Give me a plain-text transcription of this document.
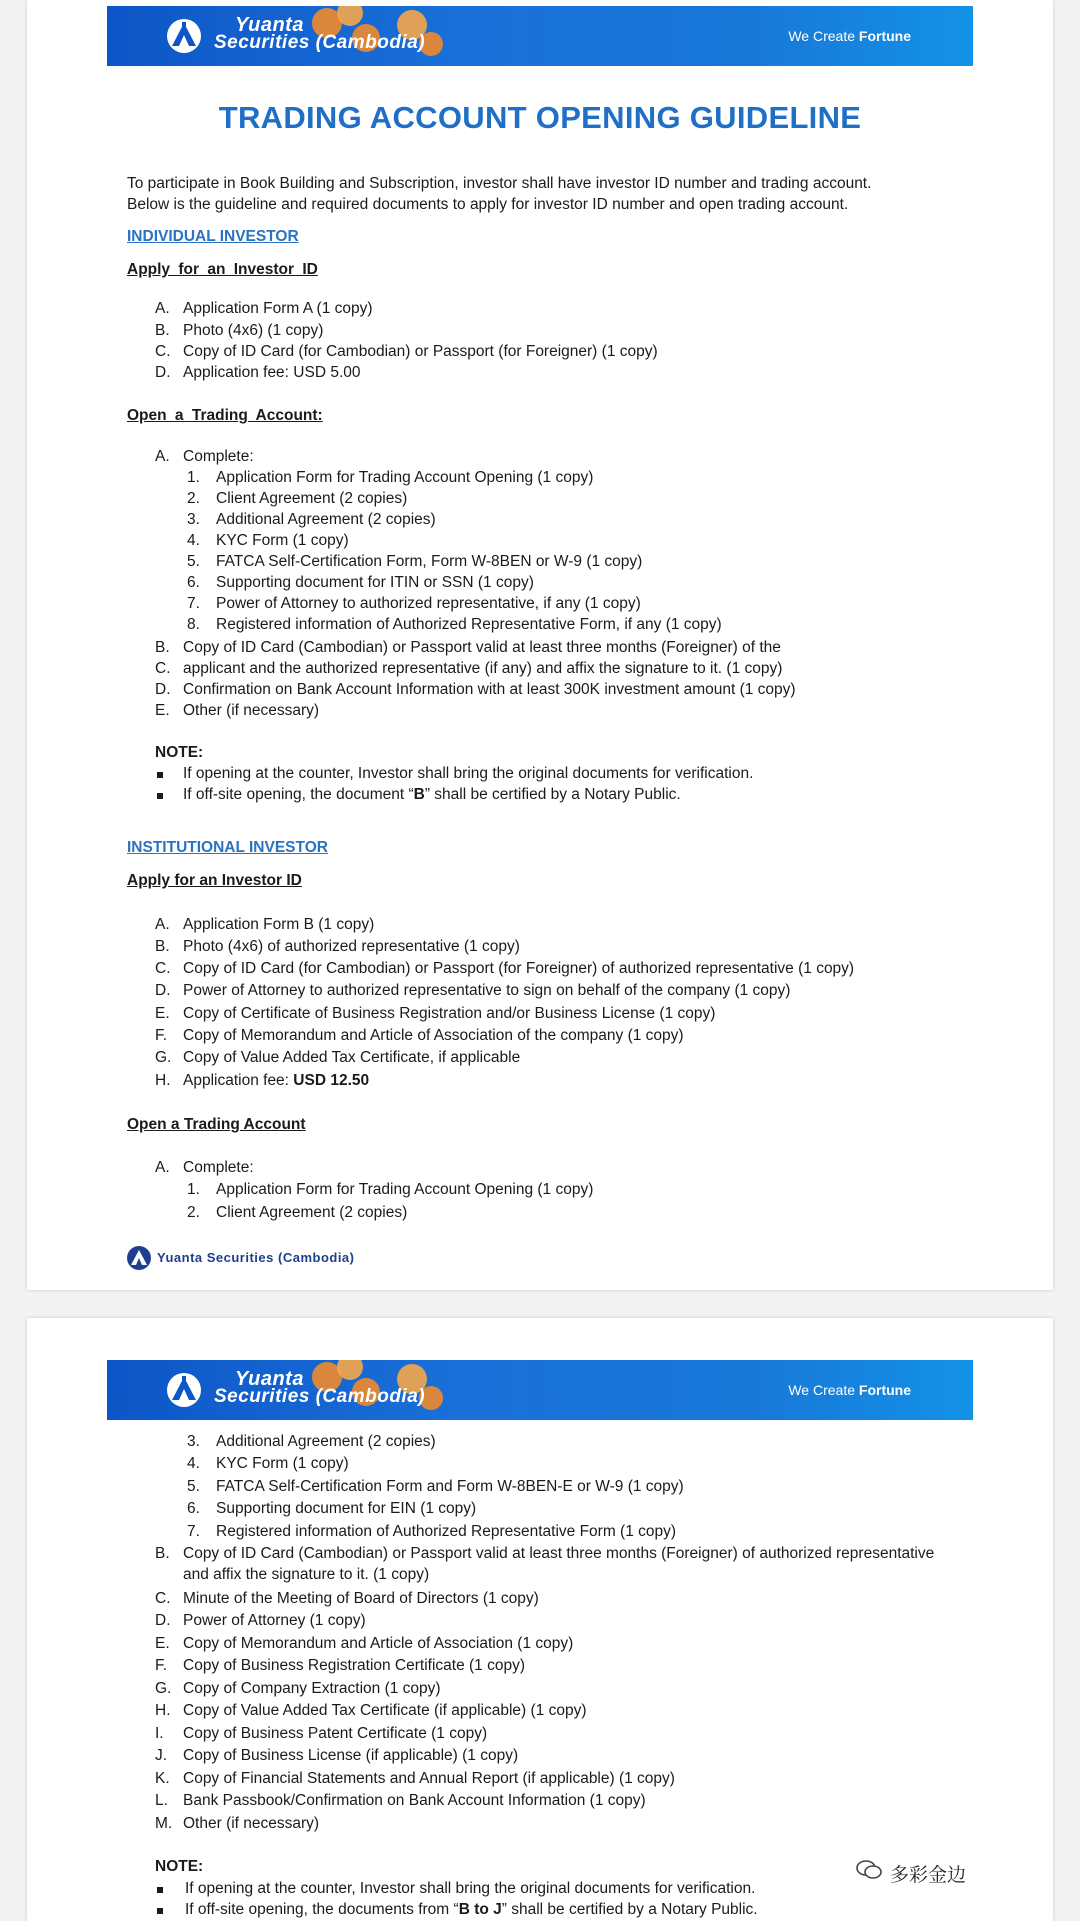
Yuanta
Securities (Cambodia)	We Create Fortune
TRADING ACCOUNT OPENING GUIDELINE
To participate in Book Building and Subscription, investor shall have investor ID number and trading account.
Below is the guideline and required documents to apply for investor ID number and open trading account.
INDIVIDUAL INVESTOR
Apply for an Investor ID
A. Application Form A (1 copy)
B. Photo (4x6) (1 copy)
C. Copy of ID Card (for Cambodian) or Passport (for Foreigner) (1 copy)
D. Application fee: USD 5.00
Open a Trading Account:
A. Complete:
1.	Application Form for Trading Account Opening (1 copy)
2.	Client Agreement (2 copies)
3.	Additional Agreement (2 copies)
4.	KYC Form (1 copy)
5.	FATCA Self-Certification Form, Form W-8BEN or W-9 (1 copy)
6.	Supporting document for ITIN or SSN (1 copy)
7.	Power of Attorney to authorized representative, if any (1 copy)
8.	Registered information of Authorized Representative Form, if any (1 copy)
B. Copy of ID Card (Cambodian) or Passport valid at least three months (Foreigner) of the
C. applicant and the authorized representative (if any) and affix the signature to it. (1 copy)
D. Confirmation on Bank Account Information with at least 300K investment amount (1 copy)
E. Other (if necessary)
NOTE:
If opening at the counter, Investor shall bring the original documents for verification.
If off-site opening, the document “B” shall be certified by a Notary Public.
INSTITUTIONAL INVESTOR
Apply for an Investor ID
A. Application Form B (1 copy)
B. Photo (4x6) of authorized representative (1 copy)
C. Copy of ID Card (for Cambodian) or Passport (for Foreigner) of authorized representative (1 copy)
D. Power of Attorney to authorized representative to sign on behalf of the company (1 copy)
E. Copy of Certificate of Business Registration and/or Business License (1 copy)
F.	Copy of Memorandum and Article of Association of the company (1 copy)
G. Copy of Value Added Tax Certificate, if applicable
H. Application fee: USD 12.50
Open a Trading Account
A. Complete:
1.	Application Form for Trading Account Opening (1 copy)
2.	Client Agreement (2 copies)
Yuanta Securities (Cambodia)
Yuanta
Securities (Cambodia)	We Create Fortune
3.	Additional Agreement (2 copies)
4.	KYC Form (1 copy)
5.	FATCA Self-Certification Form and Form W-8BEN-E or W-9 (1 copy)
6.	Supporting document for EIN (1 copy)
7.	Registered information of Authorized Representative Form (1 copy)
B. Copy of ID Card (Cambodian) or Passport valid at least three months (Foreigner) of authorized representative
and affix the signature to it. (1 copy)
C. Minute of the Meeting of Board of Directors (1 copy)
D. Power of Attorney (1 copy)
E. Copy of Memorandum and Article of Association (1 copy)
F.	Copy of Business Registration Certificate (1 copy)
G. Copy of Company Extraction (1 copy)
H. Copy of Value Added Tax Certificate (if applicable) (1 copy)
I.	Copy of Business Patent Certificate (1 copy)
J.	Copy of Business License (if applicable) (1 copy)
K. Copy of Financial Statements and Annual Report (if applicable) (1 copy)
L. Bank Passbook/Confirmation on Bank Account Information (1 copy)
M. Other (if necessary)
NOTE:
If opening at the counter, Investor shall bring the original documents for verification.
If off-site opening, the documents from “B to J” shall be certified by a Notary Public.
多彩金边
